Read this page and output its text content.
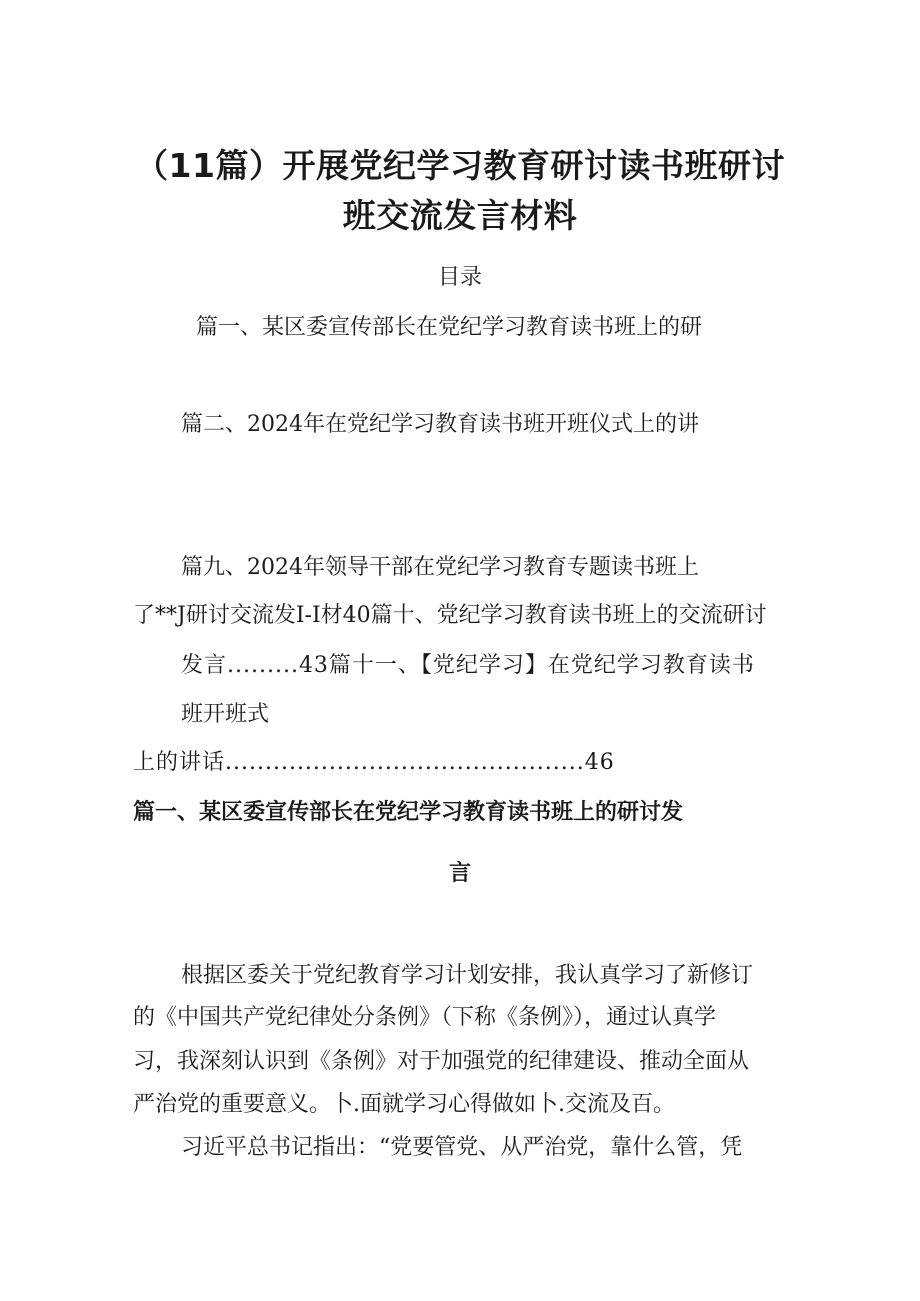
（11篇）开展党纪学习教育研讨读书班研讨
班交流发言材料
目录
篇一、某区委宣传部长在党纪学习教育读书班上的研
篇二、2024年在党纪学习教育读书班开班仪式上的讲
篇九、2024年领导干部在党纪学习教育专题读书班上
了**J研讨交流发I-I材40篇十、党纪学习教育读书班上的交流研讨
发言.........43篇十一、【党纪学习】在党纪学习教育读书
班开班式
上的讲话.............................................46
篇一、某区委宣传部长在党纪学习教育读书班上的研讨发
言
根据区委关于党纪教育学习计划安排，我认真学习了新修订
的《中国共产党纪律处分条例》（下称《条例》），通过认真学
习，我深刻认识到《条例》对于加强党的纪律建设、推动全面从
严治党的重要意义。卜.面就学习心得做如卜.交流及百。
习近平总书记指出：“党要管党、从严治党，靠什么管，凭
